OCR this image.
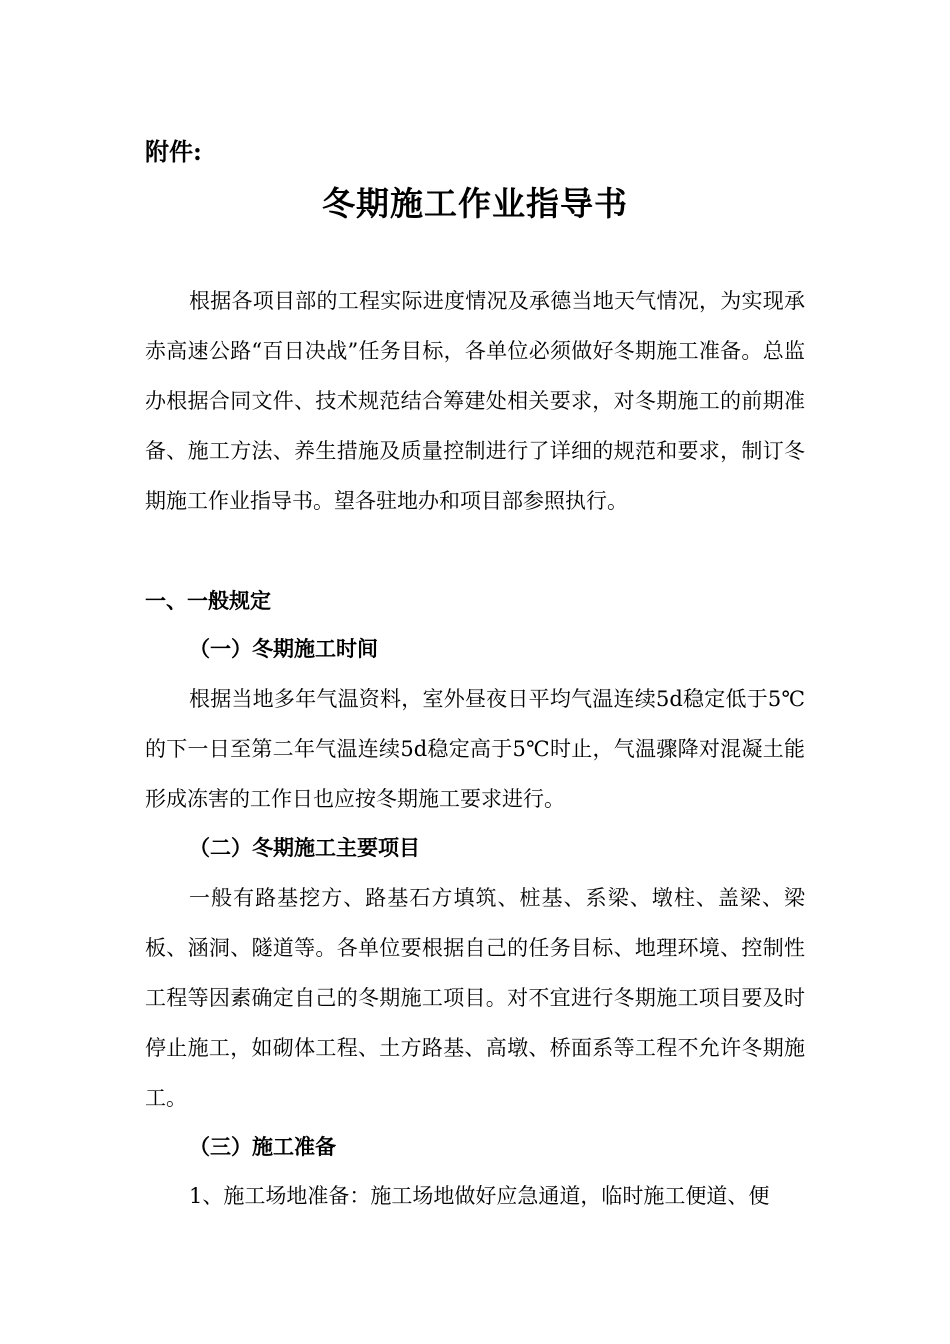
附件:
冬期施工作业指导书
根据各项目部的工程实际进度情况及承德当地天气情况，为实现承赤高速公路“百日决战”任务目标，各单位必须做好冬期施工准备。总监办根据合同文件、技术规范结合筹建处相关要求，对冬期施工的前期准备、施工方法、养生措施及质量控制进行了详细的规范和要求，制订冬期施工作业指导书。望各驻地办和项目部参照执行。
一、一般规定
（一）冬期施工时间
根据当地多年气温资料，室外昼夜日平均气温连续5d稳定低于5℃的下一日至第二年气温连续5d稳定高于5℃时止，气温骤降对混凝土能形成冻害的工作日也应按冬期施工要求进行。
（二）冬期施工主要项目
一般有路基挖方、路基石方填筑、桩基、系梁、墩柱、盖梁、梁板、涵洞、隧道等。各单位要根据自己的任务目标、地理环境、控制性工程等因素确定自己的冬期施工项目。对不宜进行冬期施工项目要及时停止施工，如砌体工程、土方路基、高墩、桥面系等工程不允许冬期施工。
（三）施工准备
1、施工场地准备：施工场地做好应急通道，临时施工便道、便
